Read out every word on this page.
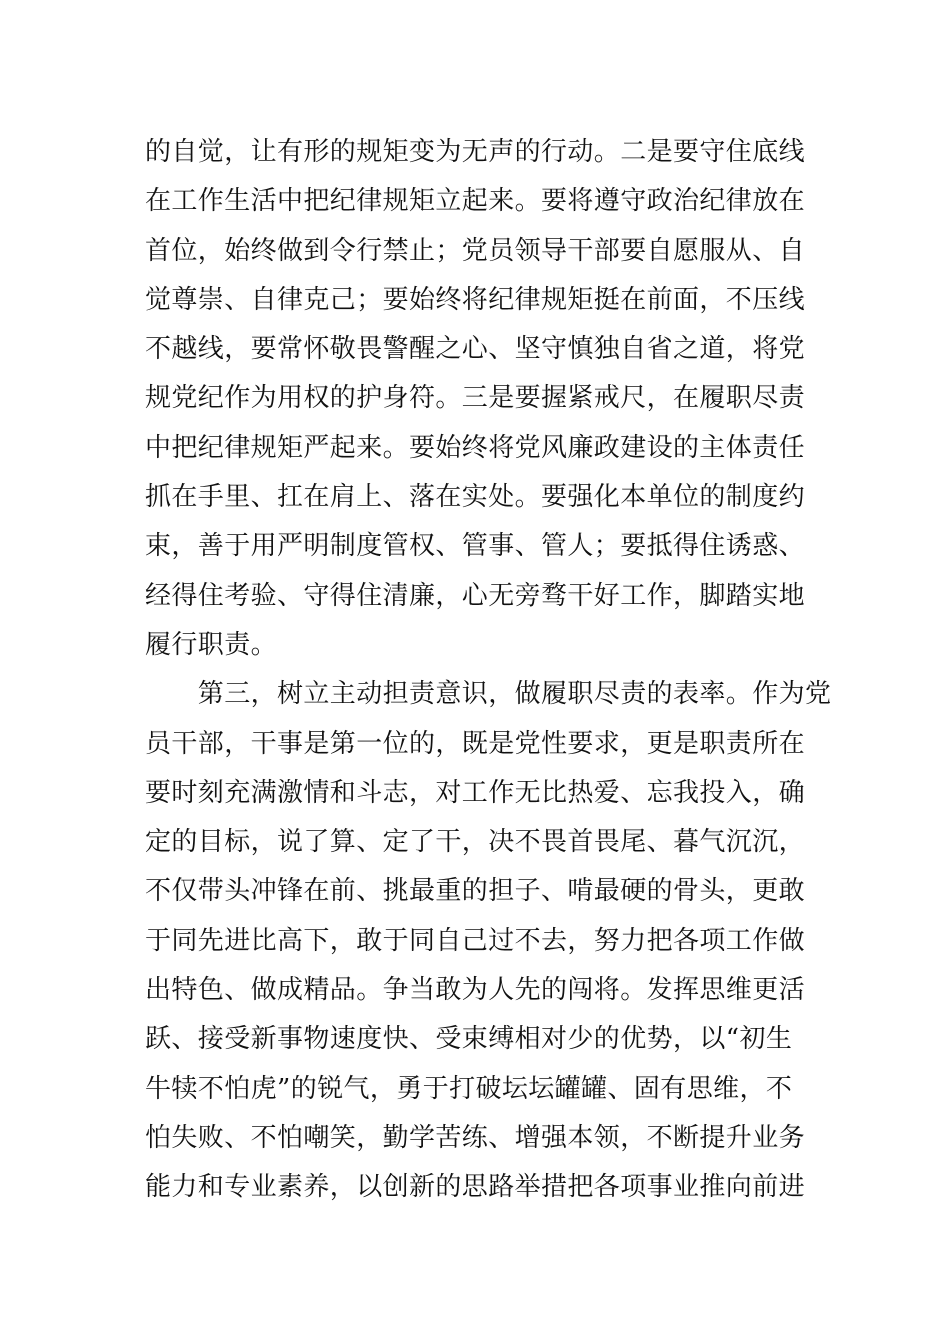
的自觉，让有形的规矩变为无声的行动。二是要守住底线
在工作生活中把纪律规矩立起来。要将遵守政治纪律放在
首位，始终做到令行禁止；党员领导干部要自愿服从、自
觉尊崇、自律克己；要始终将纪律规矩挺在前面，不压线
不越线，要常怀敬畏警醒之心、坚守慎独自省之道，将党
规党纪作为用权的护身符。三是要握紧戒尺，在履职尽责
中把纪律规矩严起来。要始终将党风廉政建设的主体责任
抓在手里、扛在肩上、落在实处。要强化本单位的制度约
束，善于用严明制度管权、管事、管人；要抵得住诱惑、
经得住考验、守得住清廉，心无旁骛干好工作，脚踏实地
履行职责。
　　第三，树立主动担责意识，做履职尽责的表率。作为党
员干部，干事是第一位的，既是党性要求，更是职责所在
要时刻充满激情和斗志，对工作无比热爱、忘我投入，确
定的目标，说了算、定了干，决不畏首畏尾、暮气沉沉，
不仅带头冲锋在前、挑最重的担子、啃最硬的骨头，更敢
于同先进比高下，敢于同自己过不去，努力把各项工作做
出特色、做成精品。争当敢为人先的闯将。发挥思维更活
跃、接受新事物速度快、受束缚相对少的优势，以“初生
牛犊不怕虎”的锐气，勇于打破坛坛罐罐、固有思维，不
怕失败、不怕嘲笑，勤学苦练、增强本领，不断提升业务
能力和专业素养，以创新的思路举措把各项事业推向前进
